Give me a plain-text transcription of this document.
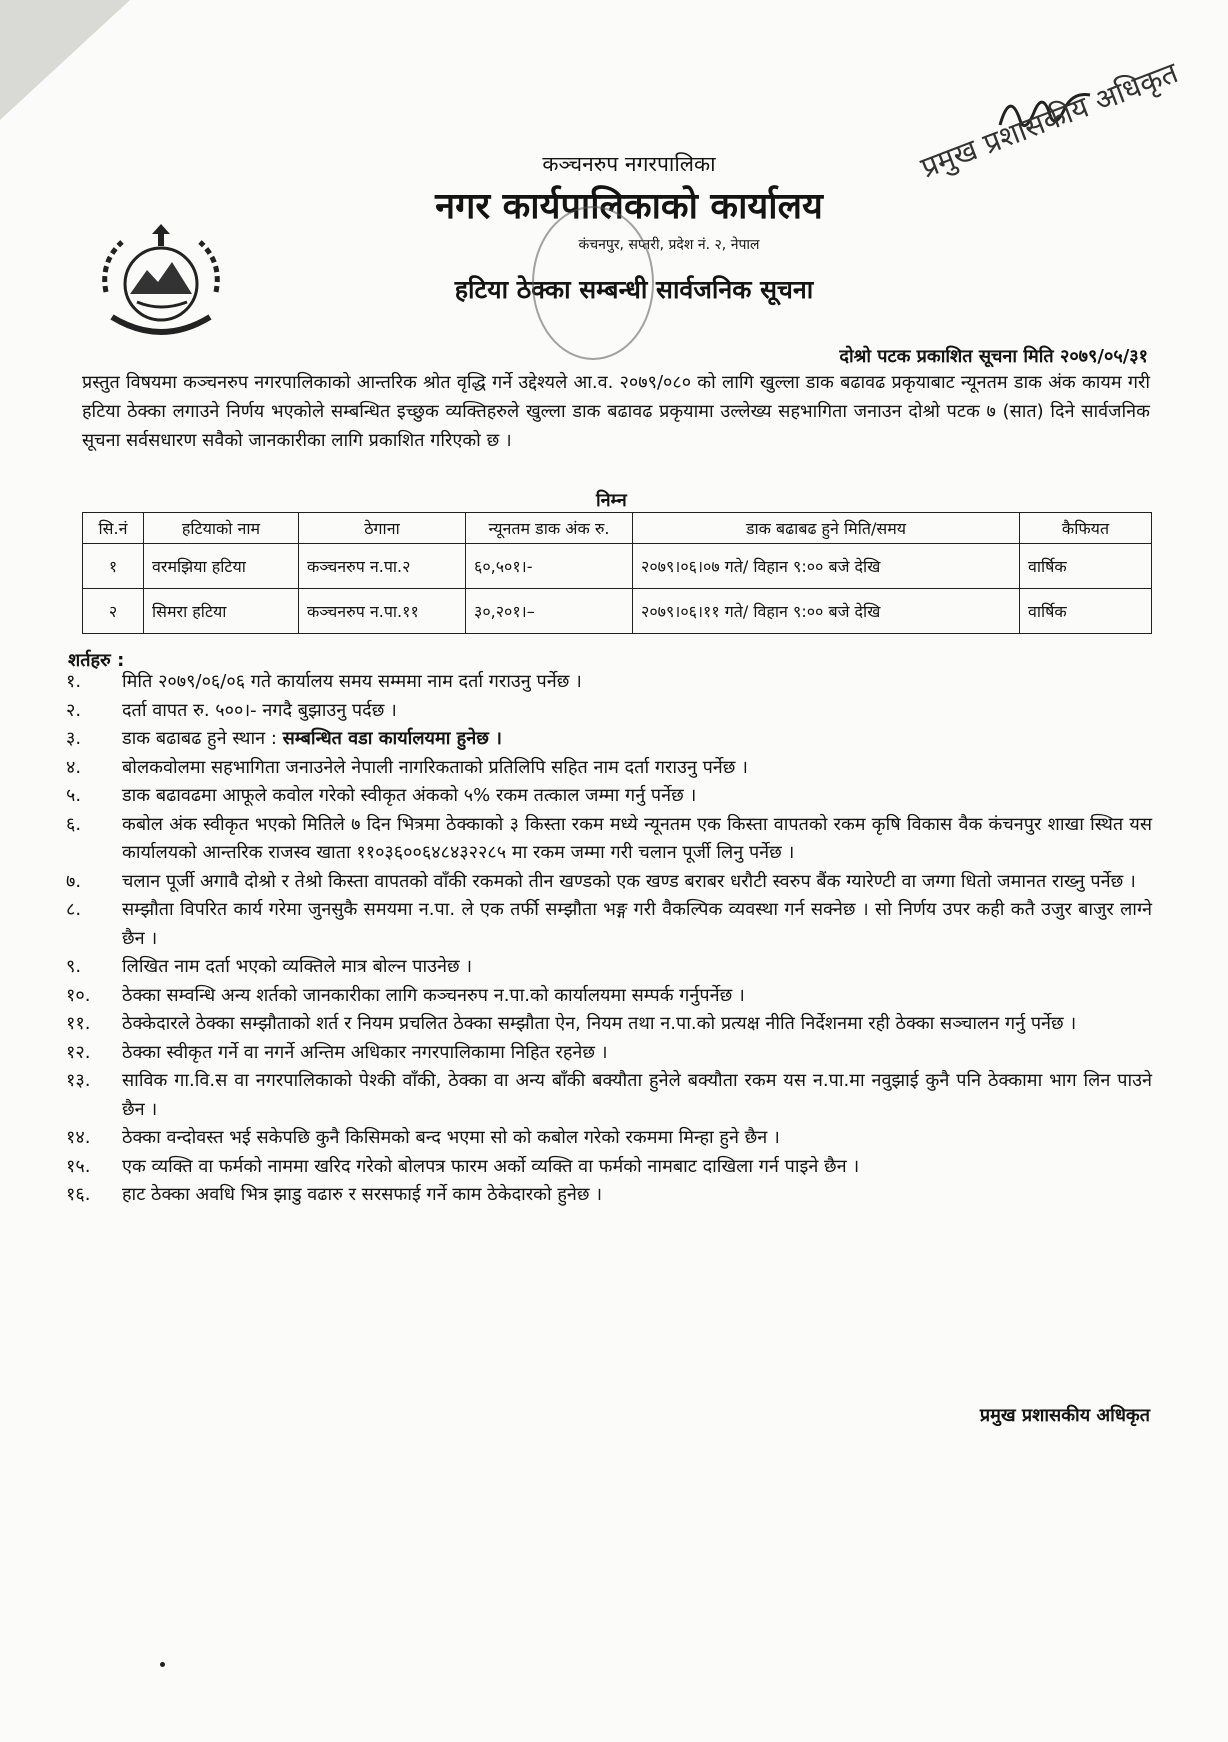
कञ्चनरुप नगरपालिका
नगर कार्यपालिकाको कार्यालय
कंचनपुर, सप्तरी, प्रदेश नं. २, नेपाल
हटिया ठेक्का सम्बन्धी सार्वजनिक सूचना
प्रमुख प्रशासकीय अधिकृत
दोश्रो पटक प्रकाशित सूचना मिति २०७९/०५/३१

प्रस्तुत विषयमा कञ्चनरुप नगरपालिकाको आन्तरिक श्रोत वृद्धि गर्ने उद्देश्यले आ.व. २०७९/०८० को लागि खुल्ला डाक बढावढ प्रकृयाबाट न्यूनतम डाक अंक कायम गरी हटिया ठेक्का लगाउने निर्णय भएकोले सम्बन्धित इच्छुक व्यक्तिहरुले खुल्ला डाक बढावढ प्रकृयामा उल्लेख्य सहभागिता जनाउन दोश्रो पटक ७ (सात) दिने सार्वजनिक सूचना सर्वसधारण सवैको जानकारीका लागि प्रकाशित गरिएको छ ।

निम्न
सि.नं	हटियाको नाम	ठेगाना	न्यूनतम डाक अंक रु.	डाक बढाबढ हुने मिति/समय	कैफियत
१	वरमझिया हटिया	कञ्चनरुप न.पा.२	६०,५०१।-	२०७९।०६।०७ गते/ विहान ९:०० बजे देखि	वार्षिक
२	सिमरा हटिया	कञ्चनरुप न.पा.११	३०,२०१।–	२०७९।०६।११ गते/ विहान ९:०० बजे देखि	वार्षिक
शर्तहरु :
१.	मिति २०७९/०६/०६ गते कार्यालय समय सम्ममा नाम दर्ता गराउनु पर्नेछ ।
२.	दर्ता वापत रु. ५००।- नगदै बुझाउनु पर्दछ ।
३.	डाक बढाबढ हुने स्थान : सम्बन्धित वडा कार्यालयमा हुनेछ ।
४.	बोलकवोलमा सहभागिता जनाउनेले नेपाली नागरिकताको प्रतिलिपि सहित नाम दर्ता गराउनु पर्नेछ ।
५.	डाक बढावढमा आफूले कवोल गरेको स्वीकृत अंकको ५% रकम तत्काल जम्मा गर्नु पर्नेछ ।
६.	कबोल अंक स्वीकृत भएको मितिले ७ दिन भित्रमा ठेक्काको ३ किस्ता रकम मध्ये न्यूनतम एक किस्ता वापतको रकम कृषि विकास वैक कंचनपुर शाखा स्थित यस कार्यालयको आन्तरिक राजस्व खाता ११०३६००६४८४३२२८५ मा रकम जम्मा गरी चलान पूर्जी लिनु पर्नेछ ।
७.	चलान पूर्जी अगावै दोश्रो र तेश्रो किस्ता वापतको वाँकी रकमको तीन खण्डको एक खण्ड बराबर धरौटी स्वरुप बैंक ग्यारेण्टी वा जग्गा धितो जमानत राख्नु पर्नेछ ।
८.	सम्झौता विपरित कार्य गरेमा जुनसुकै समयमा न.पा. ले एक तर्फी सम्झौता भङ्ग गरी वैकल्पिक व्यवस्था गर्न सक्नेछ । सो निर्णय उपर कही कतै उजुर बाजुर लाग्ने छैन ।
९.	लिखित नाम दर्ता भएको व्यक्तिले मात्र बोल्न पाउनेछ ।
१०.	ठेक्का सम्वन्धि अन्य शर्तको जानकारीका लागि कञ्चनरुप न.पा.को कार्यालयमा सम्पर्क गर्नुपर्नेछ ।
११.	ठेक्केदारले ठेक्का सम्झौताको शर्त र नियम प्रचलित ठेक्का सम्झौता ऐन, नियम तथा न.पा.को प्रत्यक्ष नीति निर्देशनमा रही ठेक्का सञ्चालन गर्नु पर्नेछ ।
१२.	ठेक्का स्वीकृत गर्ने वा नगर्ने अन्तिम अधिकार नगरपालिकामा निहित रहनेछ ।
१३.	साविक गा.वि.स वा नगरपालिकाको पेश्की वाँकी, ठेक्का वा अन्य बाँकी बक्यौता हुनेले बक्यौता रकम यस न.पा.मा नवुझाई कुनै पनि ठेक्कामा भाग लिन पाउने छैन ।
१४.	ठेक्का वन्दोवस्त भई सकेपछि कुनै किसिमको बन्द भएमा सो को कबोल गरेको रकममा मिन्हा हुने छैन ।
१५.	एक व्यक्ति वा फर्मको नाममा खरिद गरेको बोलपत्र फारम अर्को व्यक्ति वा फर्मको नामबाट दाखिला गर्न पाइने छैन ।
१६.	हाट ठेक्का अवधि भित्र झाडु वढारु र सरसफाई गर्ने काम ठेकेदारको हुनेछ ।
प्रमुख प्रशासकीय अधिकृत
